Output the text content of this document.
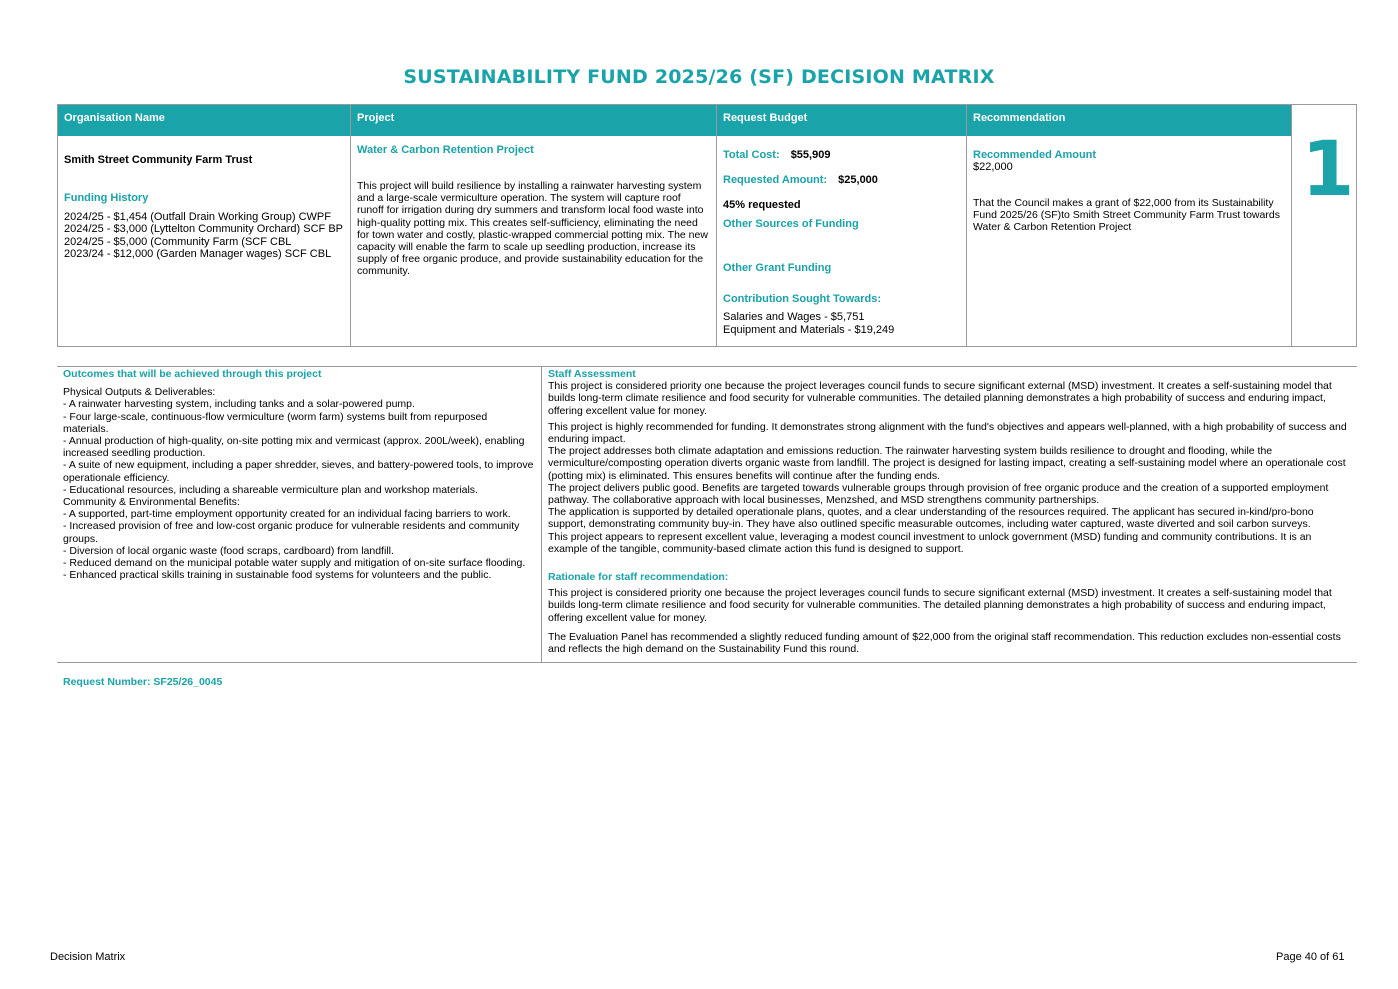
SUSTAINABILITY FUND 2025/26 (SF) DECISION MATRIX
Organisation Name
Smith Street Community Farm Trust
Funding History
2024/25 - $1,454 (Outfall Drain Working Group) CWPF
2024/25 - $3,000 (Lyttelton Community Orchard) SCF BP
2024/25 - $5,000 (Community Farm (SCF CBL
2023/24 - $12,000 (Garden Manager wages) SCF CBL
Project
Water & Carbon Retention Project
This project will build resilience by installing a rainwater harvesting system and a large-scale vermiculture operation. The system will capture roof runoff for irrigation during dry summers and transform local food waste into high-quality potting mix. This creates self-sufficiency, eliminating the need for town water and costly, plastic-wrapped commercial potting mix. The new capacity will enable the farm to scale up seedling production, increase its supply of free organic produce, and provide sustainability education for the community.
Request Budget
Total Cost: $55,909
Requested Amount: $25,000
45% requested
Other Sources of Funding
Other Grant Funding
Contribution Sought Towards:
Salaries and Wages - $5,751
Equipment and Materials - $19,249
Recommendation
Recommended Amount
$22,000
That the Council makes a grant of $22,000 from its Sustainability Fund 2025/26 (SF)to Smith Street Community Farm Trust towards Water & Carbon Retention Project
1
Outcomes that will be achieved through this project

Physical Outputs & Deliverables:

- A rainwater harvesting system, including tanks and a solar-powered pump.

- Four large-scale, continuous-flow vermiculture (worm farm) systems built from repurposed materials.

- Annual production of high-quality, on-site potting mix and vermicast (approx. 200L/week), enabling increased seedling production.

- A suite of new equipment, including a paper shredder, sieves, and battery-powered tools, to improve operationale efficiency.

- Educational resources, including a shareable vermiculture plan and workshop materials.

Community & Environmental Benefits:

- A supported, part-time employment opportunity created for an individual facing barriers to work.

- Increased provision of free and low-cost organic produce for vulnerable residents and community groups.

- Diversion of local organic waste (food scraps, cardboard) from landfill.

- Reduced demand on the municipal potable water supply and mitigation of on-site surface flooding.

- Enhanced practical skills training in sustainable food systems for volunteers and the public.

Staff Assessment

This project is considered priority one because the project leverages council funds to secure significant external (MSD) investment. It creates a self-sustaining model that builds long-term climate resilience and food security for vulnerable communities. The detailed planning demonstrates a high probability of success and enduring impact, offering excellent value for money.

This project is highly recommended for funding. It demonstrates strong alignment with the fund's objectives and appears well-planned, with a high probability of success and enduring impact.

The project addresses both climate adaptation and emissions reduction. The rainwater harvesting system builds resilience to drought and flooding, while the vermiculture/composting operation diverts organic waste from landfill. The project is designed for lasting impact, creating a self-sustaining model where an operationale cost (potting mix) is eliminated. This ensures benefits will continue after the funding ends.

The project delivers public good. Benefits are targeted towards vulnerable groups through provision of free organic produce and the creation of a supported employment pathway. The collaborative approach with local businesses, Menzshed, and MSD strengthens community partnerships.

The application is supported by detailed operationale plans, quotes, and a clear understanding of the resources required. The applicant has secured in-kind/pro-bono support, demonstrating community buy-in. They have also outlined specific measurable outcomes, including water captured, waste diverted and soil carbon surveys.

This project appears to represent excellent value, leveraging a modest council investment to unlock government (MSD) funding and community contributions. It is an example of the tangible, community-based climate action this fund is designed to support.

Rationale for staff recommendation:

This project is considered priority one because the project leverages council funds to secure significant external (MSD) investment. It creates a self-sustaining model that builds long-term climate resilience and food security for vulnerable communities. The detailed planning demonstrates a high probability of success and enduring impact, offering excellent value for money.

The Evaluation Panel has recommended a slightly reduced funding amount of $22,000 from the original staff recommendation. This reduction excludes non-essential costs and reflects the high demand on the Sustainability Fund this round.

Request Number: SF25/26_0045
Decision Matrix	Page 40 of 61
